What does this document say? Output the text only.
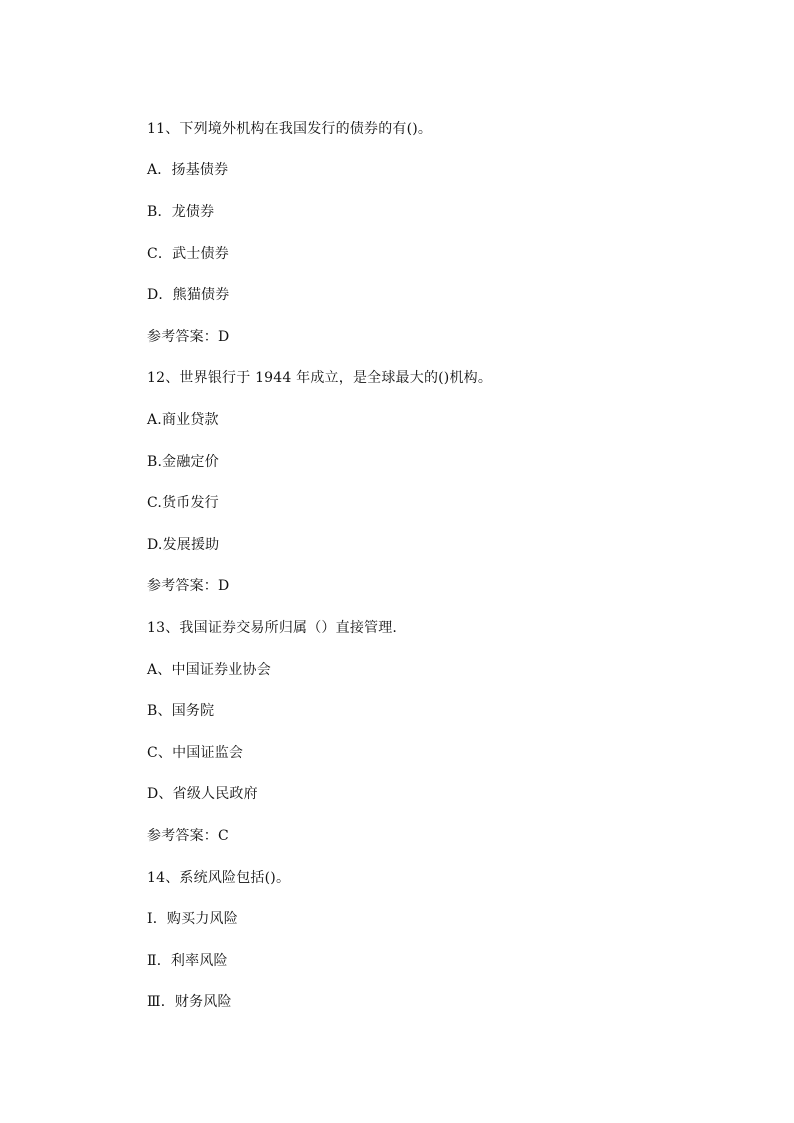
11、下列境外机构在我国发行的债券的有()。
A．扬基债券
B．龙债券
C．武士债券
D．熊猫债券
参考答案：D
12、世界银行于 1944 年成立，是全球最大的()机构。
A.商业贷款
B.金融定价
C.货币发行
D.发展援助
参考答案：D
13、我国证券交易所归属（）直接管理.
A、中国证券业协会
B、国务院
C、中国证监会
D、省级人民政府
参考答案：C
14、系统风险包括()。
Ⅰ．购买力风险
Ⅱ．利率风险
Ⅲ．财务风险
